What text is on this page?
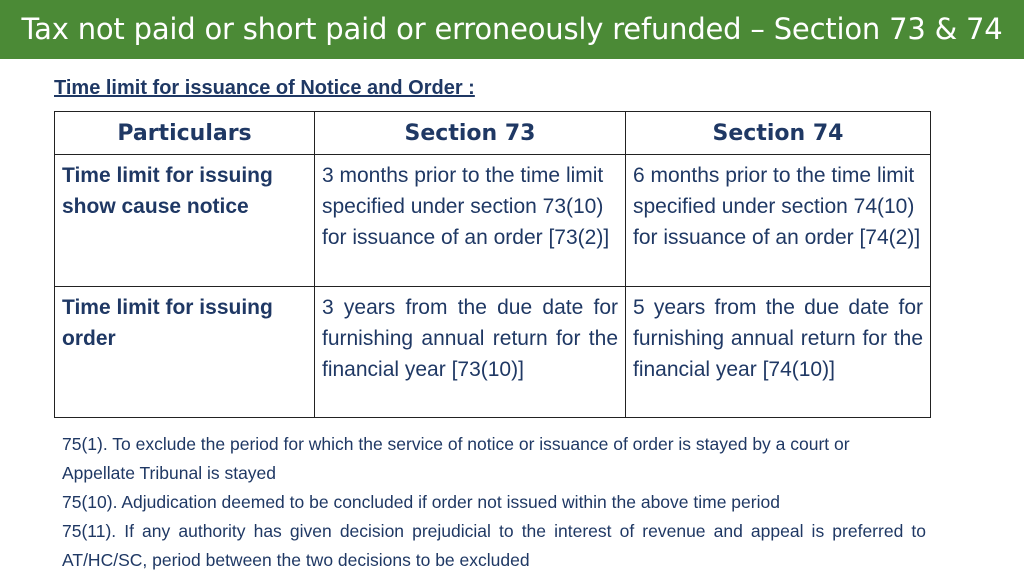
Tax not paid or short paid or erroneously refunded – Section 73 & 74
Time limit for issuance of Notice and Order :
Particulars	Section 73	Section 74
Time limit for issuing show cause notice	3 months prior to the time limit specified under section 73(10) for issuance of an order [73(2)]	6 months prior to the time limit specified under section 74(10) for issuance of an order [74(2)]
Time limit for issuing order	3 years from the due date for furnishing annual return for the financial year [73(10)]	5 years from the due date for furnishing annual return for the financial year [74(10)]

75(1). To exclude the period for which the service of notice or issuance of order is stayed by a court or Appellate Tribunal is stayed

75(10). Adjudication deemed to be concluded if order not issued within the above time period

75(11). If any authority has given decision prejudicial to the interest of revenue and appeal is preferred to AT/HC/SC, period between the two decisions to be excluded
